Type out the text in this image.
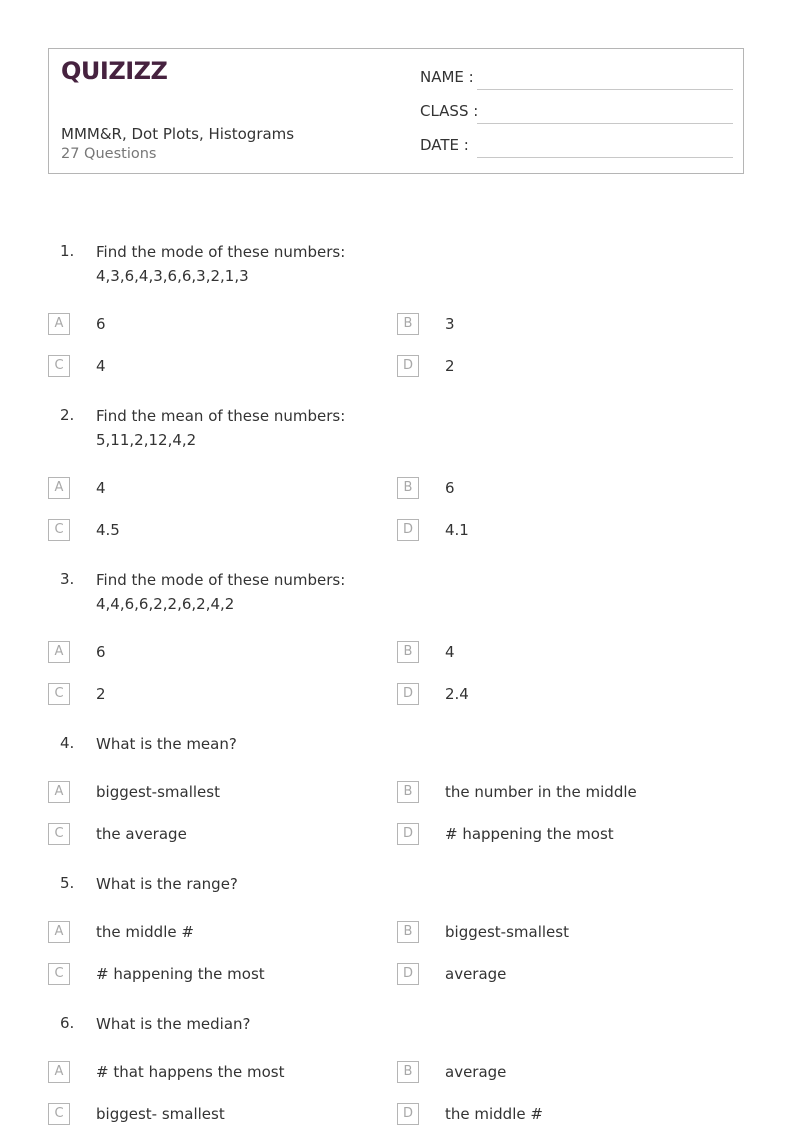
QUIZIZZ
MMM&R, Dot Plots, Histograms
27 Questions
NAME :
CLASS :
DATE :
1. Find the mode of these numbers:
4,3,6,4,3,6,6,3,2,1,3
A	6	B	3
C	4	D	2
2. Find the mean of these numbers:
5,11,2,12,4,2
A	4	B	6
C	4.5	D	4.1
3. Find the mode of these numbers:
4,4,6,6,2,2,6,2,4,2
A	6	B	4
C	2	D	2.4
4. What is the mean?
A	biggest-smallest	B	the number in the middle
C	the average	D	# happening the most
5. What is the range?
A	the middle #	B	biggest-smallest
C	# happening the most	D	average
6. What is the median?
A	# that happens the most	B	average
C	biggest- smallest	D	the middle #
